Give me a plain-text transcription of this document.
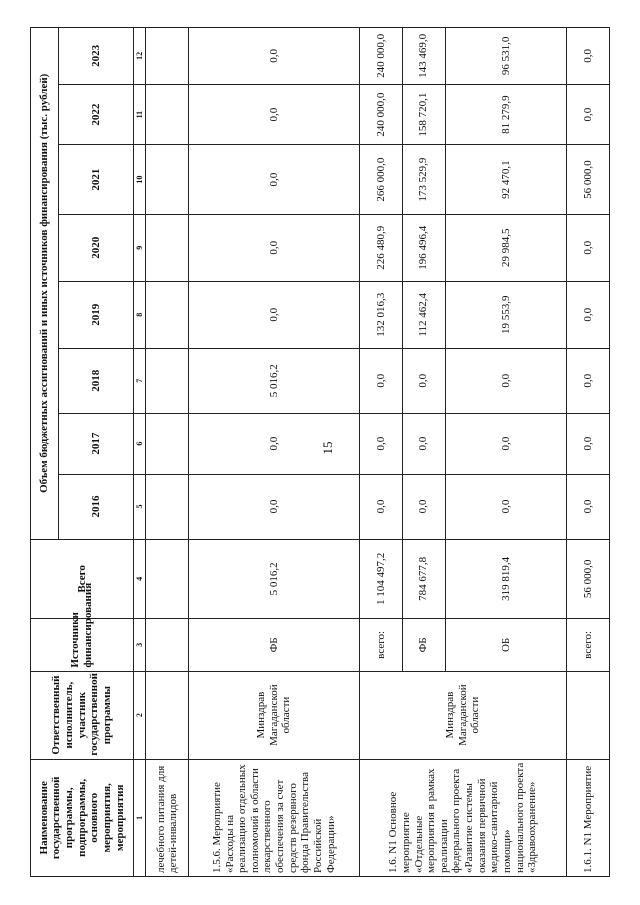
15
Наименование государственной программы, подпрограммы, основного мероприятия, мероприятия	Ответственный исполнитель, участник государственной программы	Источники финансирования	Всего	Объем бюджетных ассигнований и иных источников финансирования (тыс. рублей)							
				2016	2017	2018	2019	2020	2021	2022	2023
1	2	3	4	5	6	7	8	9	10	11	12
лечебного питания для детей-инвалидов											
1.5.6. Мероприятие «Расходы на реализацию отдельных полномочий в области лекарственного обеспечения за счет средств резервного фонда Правительства Российской Федерации»	Минздрав Магаданской области	ФБ	5 016,2	0,0	0,0	5 016,2	0,0	0,0	0,0	0,0	0,0
1.6. N1 Основное мероприятие «Отдельные мероприятия в рамках реализации федерального проекта «Развитие системы оказания первичной медико-санитарной помощи» национального проекта «Здравоохранение»	Минздрав Магаданской области	всего:	1 104 497,2	0,0	0,0	0,0	132 016,3	226 480,9	266 000,0	240 000,0	240 000,0
		ФБ	784 677,8	0,0	0,0	0,0	112 462,4	196 496,4	173 529,9	158 720,1	143 469,0
		ОБ	319 819,4	0,0	0,0	0,0	19 553,9	29 984,5	92 470,1	81 279,9	96 531,0
1.6.1. N1 Мероприятие		всего:	56 000,0	0,0	0,0	0,0	0,0	0,0	56 000,0	0,0	0,0
